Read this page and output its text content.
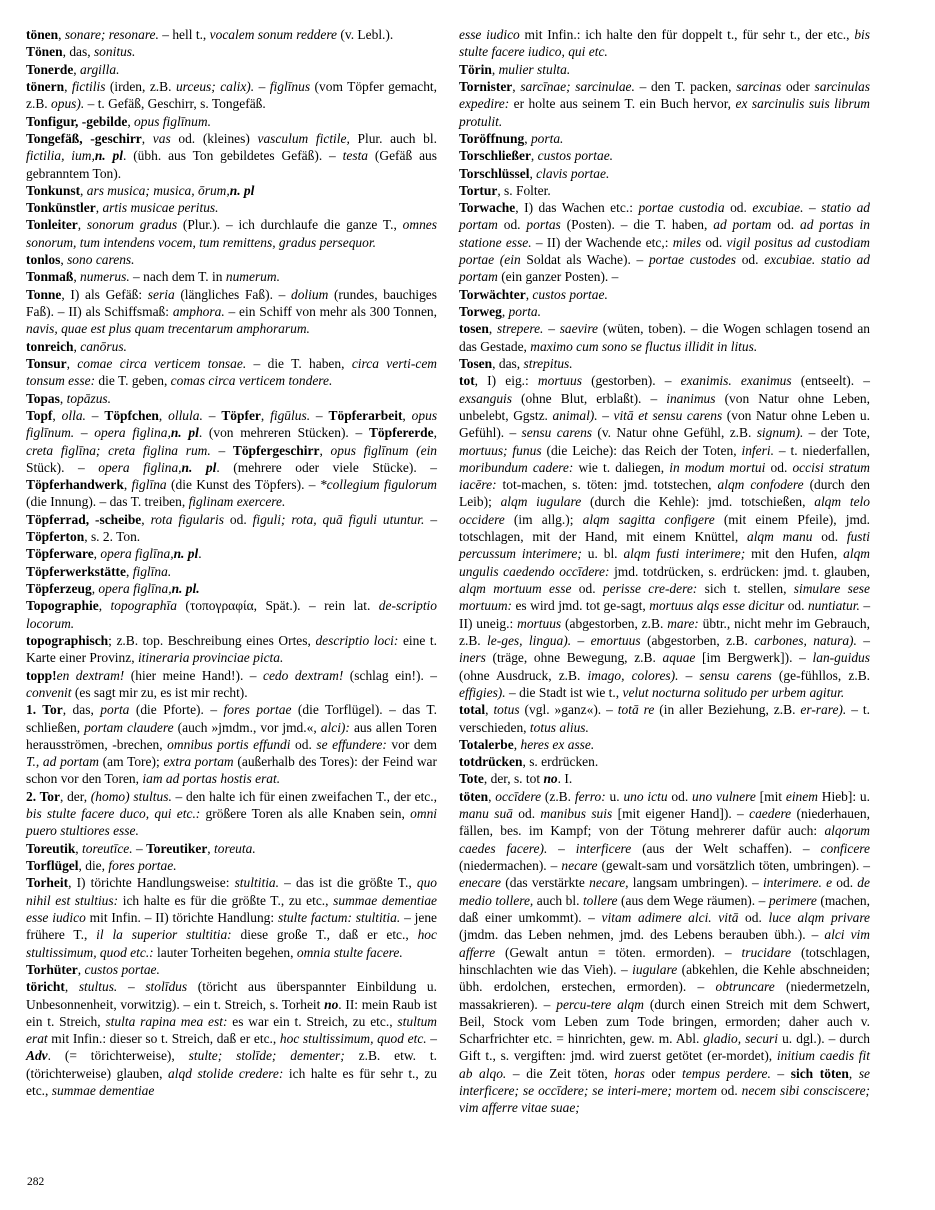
tönen, sonare; resonare. – hell t., vocalem sonum reddere (v. Lebl.).

Tönen, das, sonitus.

Tonerde, argilla.

tönern, fictilis (irden, z.B. urceus; calix). – figlīnus (vom Töpfer gemacht, z.B. opus). – t. Gefäß, Geschirr, s. Tongefäß.

Tonfigur, -gebilde, opus figlīnum.

Tongefäß, -geschirr, vas od. (kleines) vasculum fictile, Plur. auch bl. fictilia, ium,n. pl. (übh. aus Ton gebildetes Gefäß). – testa (Gefäß aus gebranntem Ton).

Tonkunst, ars musica; musica, ōrum,n. pl

Tonkünstler, artis musicae peritus.

Tonleiter, sonorum gradus (Plur.). – ich durchlaufe die ganze T., omnes sonorum, tum intendens vocem, tum remittens, gradus persequor.

tonlos, sono carens.

Tonmaß, numerus. – nach dem T. in numerum.

Tonne, I) als Gefäß: seria (längliches Faß). – dolium (rundes, bauchiges Faß). – II) als Schiffsmaß: amphora. – ein Schiff von mehr als 300 Tonnen, navis, quae est plus quam trecentarum amphorarum.

tonreich, canōrus.

Tonsur, comae circa verticem tonsae. – die T. haben, circa verti-cem tonsum esse: die T. geben, comas circa verticem tondere.

Topas, topāzus.

Topf, olla. – Töpfchen, ollula. – Töpfer, figūlus. – Töpferarbeit, opus figlīnum. – opera figlina,n. pl. (von mehreren Stücken). – Töpfererde, creta figlīna; creta figlina rum. – Töpfergeschirr, opus figlīnum (ein Stück). – opera figlina,n. pl. (mehrere oder viele Stücke). – Töpferhandwerk, figlīna (die Kunst des Töpfers). – *collegium figulorum (die Innung). – das T. treiben, figlinam exercere.

Töpferrad, -scheibe, rota figularis od. figuli; rota, quā figuli utuntur. – Töpferton, s. 2. Ton.

Töpferware, opera figlīna,n. pl.

Töpferwerkstätte, figlīna.

Töpferzeug, opera figlīna,n. pl.

Topographie, topographīa (τοπογραφία, Spät.). – rein lat. de-scriptio locorum.

topographisch; z.B. top. Beschreibung eines Ortes, descriptio loci: eine t. Karte einer Provinz, itineraria provinciae picta.

topp!en dextram! (hier meine Hand!). – cedo dextram! (schlag ein!). – convenit (es sagt mir zu, es ist mir recht).

1. Tor, das, porta (die Pforte). – fores portae (die Torflügel). – das T. schließen, portam claudere (auch »jmdm., vor jmd.«, alci): aus allen Toren herausströmen, -brechen, omnibus portis effundi od. se effundere: vor dem T., ad portam (am Tore); extra portam (außerhalb des Tores): der Feind war schon vor den Toren, iam ad portas hostis erat.

2. Tor, der, (homo) stultus. – den halte ich für einen zweifachen T., der etc., bis stulte facere duco, qui etc.: größere Toren als alle Knaben sein, omni puero stultiores esse.

Toreutik, toreutīce. – Toreutiker, toreuta.

Torflügel, die, fores portae.

Torheit, I) törichte Handlungsweise: stultitia. – das ist die größte T., quo nihil est stultius: ich halte es für die größte T., zu etc., summae dementiae esse iudico mit Infin. – II) törichte Handlung: stulte factum: stultitia. – jene frühere T., il la superior stultitia: diese große T., daß er etc., hoc stultissimum, quod etc.: lauter Torheiten begehen, omnia stulte facere.

Torhüter, custos portae.

töricht, stultus. – stolīdus (töricht aus überspannter Einbildung u. Unbesonnenheit, vorwitzig). – ein t. Streich, s. Torheit no. II: mein Raub ist ein t. Streich, stulta rapina mea est: es war ein t. Streich, zu etc., stultum erat mit Infin.: dieser so t. Streich, daß er etc., hoc stultissimum, quod etc. – Adv. (= törichterweise), stulte; stolīde; dementer; z.B. etw. t. (törichterweise) glauben, alqd stolide credere: ich halte es für sehr t., zu etc., summae dementiae

esse iudico mit Infin.: ich halte den für doppelt t., für sehr t., der etc., bis stulte facere iudico, qui etc.

Törin, mulier stulta.

Tornister, sarcīnae; sarcinulae. – den T. packen, sarcinas oder sarcinulas expedire: er holte aus seinem T. ein Buch hervor, ex sarcinulis suis librum protulit.

Toröffnung, porta.

Torschließer, custos portae.

Torschlüssel, clavis portae.

Tortur, s. Folter.

Torwache, I) das Wachen etc.: portae custodia od. excubiae. – statio ad portam od. portas (Posten). – die T. haben, ad portam od. ad portas in statione esse. – II) der Wachende etc,: miles od. vigil positus ad custodiam portae (ein Soldat als Wache). – portae custodes od. excubiae. statio ad portam (ein ganzer Posten). –

Torwächter, custos portae.

Torweg, porta.

tosen, strepere. – saevire (wüten, toben). – die Wogen schlagen tosend an das Gestade, maximo cum sono se fluctus illidit in litus.

Tosen, das, strepitus.

tot, I) eig.: mortuus (gestorben). – exanimis. exanimus (entseelt). – exsanguis (ohne Blut, erblaßt). – inanimus (von Natur ohne Leben, unbelebt, Ggstz. animal). – vitā et sensu carens (von Natur ohne Leben u. Gefühl). – sensu carens (v. Natur ohne Gefühl, z.B. signum). – der Tote, mortuus; funus (die Leiche): das Reich der Toten, inferi. – t. niederfallen, moribundum cadere: wie t. daliegen, in modum mortui od. occisi stratum iacēre: tot-machen, s. töten: jmd. totstechen, alqm confodere (durch den Leib); alqm iugulare (durch die Kehle): jmd. totschießen, alqm telo occidere (im allg.); alqm sagitta configere (mit einem Pfeile), jmd. totschlagen, mit der Hand, mit einem Knüttel, alqm manu od. fusti percussum interimere; u. bl. alqm fusti interimere; mit den Hufen, alqm ungulis caedendo occīdere: jmd. totdrücken, s. erdrücken: jmd. t. glauben, alqm mortuum esse od. perisse cre-dere: sich t. stellen, simulare sese mortuum: es wird jmd. tot ge-sagt, mortuus alqs esse dicitur od. nuntiatur. – II) uneig.: mortuus (abgestorben, z.B. mare: übtr., nicht mehr im Gebrauch, z.B. le-ges, lingua). – emortuus (abgestorben, z.B. carbones, natura). – iners (träge, ohne Bewegung, z.B. aquae [im Bergwerk]). – lan-guidus (ohne Ausdruck, z.B. imago, colores). – sensu carens (ge-fühllos, z.B. effigies). – die Stadt ist wie t., velut nocturna solitudo per urbem agitur.

total, totus (vgl. »ganz«). – totā re (in aller Beziehung, z.B. er-rare). – t. verschieden, totus alius.

Totalerbe, heres ex asse.

totdrücken, s. erdrücken.

Tote, der, s. tot no. I.

töten, occīdere (z.B. ferro: u. uno ictu od. uno vulnere [mit einem Hieb]: u. manu suā od. manibus suis [mit eigener Hand]). – caedere (niederhauen, fällen, bes. im Kampf; von der Tötung mehrerer dafür auch: alqorum caedes facere). – interficere (aus der Welt schaffen). – conficere (niedermachen). – necare (gewalt-sam und vorsätzlich töten, umbringen). – enecare (das verstärkte necare, langsam umbringen). – interimere. e od. de medio tollere, auch bl. tollere (aus dem Wege räumen). – perimere (machen, daß einer umkommt). – vitam adimere alci. vitā od. luce alqm privare (jmdm. das Leben nehmen, jmd. des Lebens berauben übh.). – alci vim afferre (Gewalt antun = töten. ermorden). – trucidare (totschlagen, hinschlachten wie das Vieh). – iugulare (abkehlen, die Kehle abschneiden; übh. erdolchen, erstechen, ermorden). – obtruncare (niedermetzeln, massakrieren). – percu-tere alqm (durch einen Streich mit dem Schwert, Beil, Stock vom Leben zum Tode bringen, ermorden; daher auch v. Scharfrichter etc. = hinrichten, gew. m. Abl. gladio, securi u. dgl.). – durch Gift t., s. vergiften: jmd. wird zuerst getötet (er-mordet), initium caedis fit ab alqo. – die Zeit töten, horas oder tempus perdere. – sich töten, se interficere; se occīdere; se interi-mere; mortem od. necem sibi consciscere; vim afferre vitae suae;

282
